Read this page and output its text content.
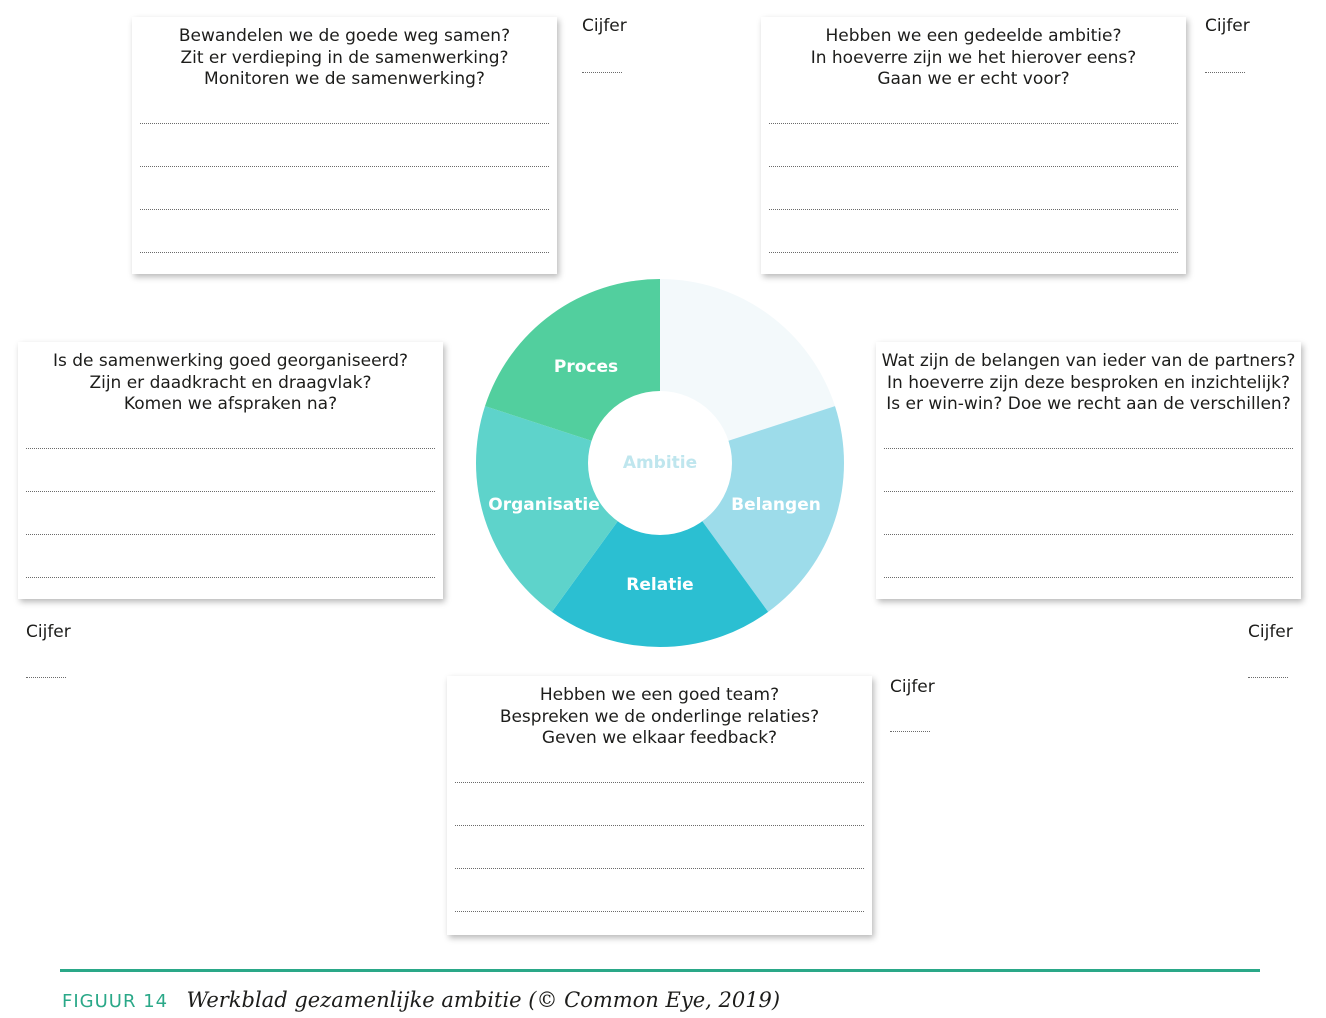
Bewandelen we de goede weg samen?
Zit er verdieping in de samenwerking?
Monitoren we de samenwerking?
Cijfer	Hebben we een gedeelde ambitie?
In hoeverre zijn we het hierover eens?
Gaan we er echt voor?
Cijfer
Is de samenwerking goed georganiseerd?
Zijn er daadkracht en draagvlak?
Komen we afspraken na?
Cijfer
Wat zijn de belangen van ieder van de partners?
In hoeverre zijn deze besproken en inzichtelijk?
Is er win-win? Doe we recht aan de verschillen?
Cijfer
Hebben we een goed team?
Bespreken we de onderlinge relaties?
Geven we elkaar feedback?
Cijfer
Ambitie
Proces
Organisatie
Relatie
Belangen
FIGUUR 14 Werkblad gezamenlijke ambitie (© Common Eye, 2019)
